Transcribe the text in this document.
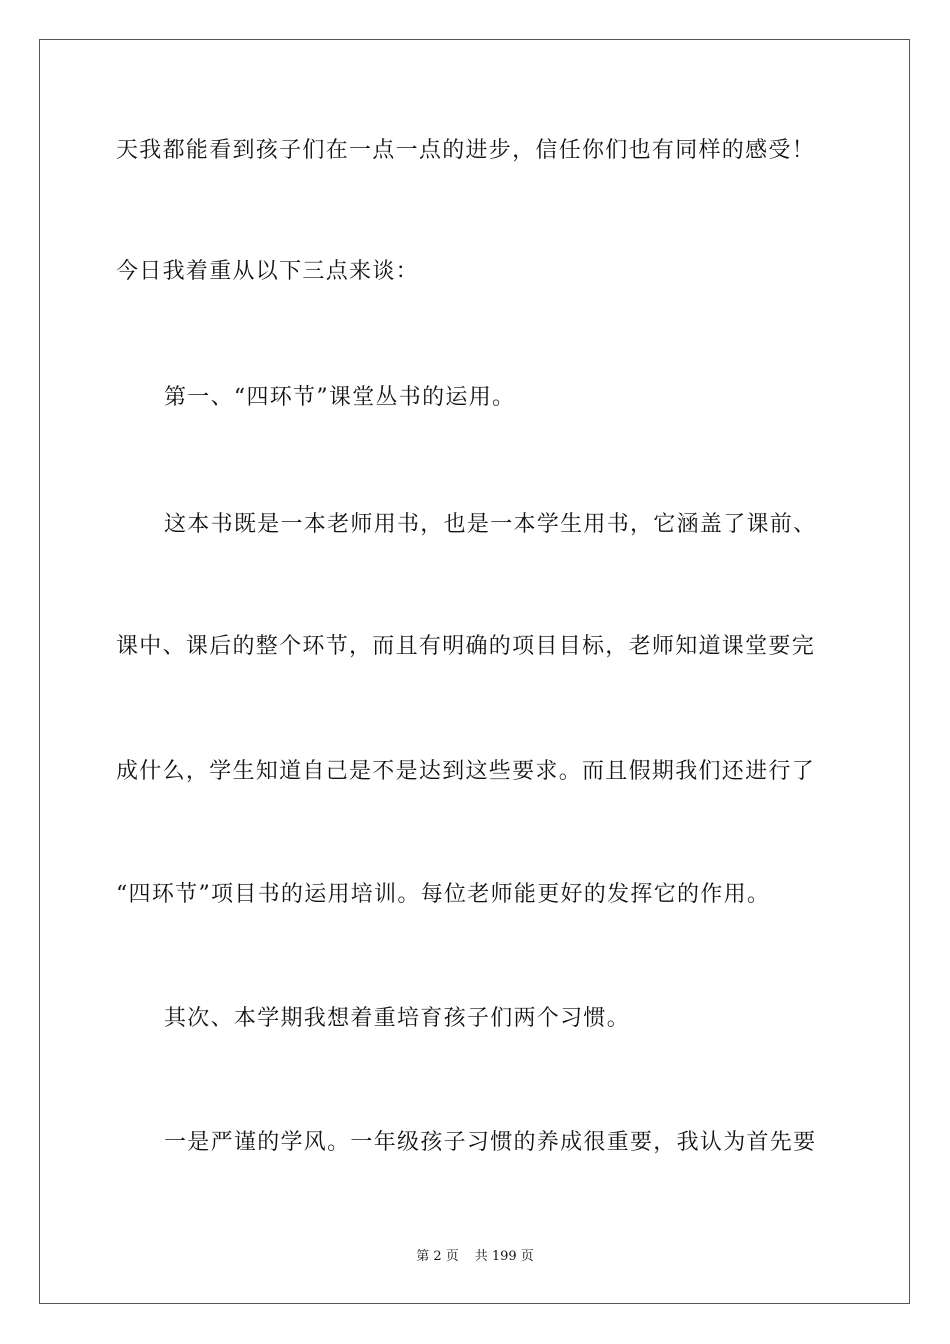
天我都能看到孩子们在一点一点的进步，信任你们也有同样的感受！
今日我着重从以下三点来谈：
第一、“四环节”课堂丛书的运用。
这本书既是一本老师用书，也是一本学生用书，它涵盖了课前、
课中、课后的整个环节，而且有明确的项目目标，老师知道课堂要完
成什么，学生知道自己是不是达到这些要求。而且假期我们还进行了
“四环节”项目书的运用培训。每位老师能更好的发挥它的作用。
其次、本学期我想着重培育孩子们两个习惯。
一是严谨的学风。一年级孩子习惯的养成很重要，我认为首先要
第 2 页 共 199 页
